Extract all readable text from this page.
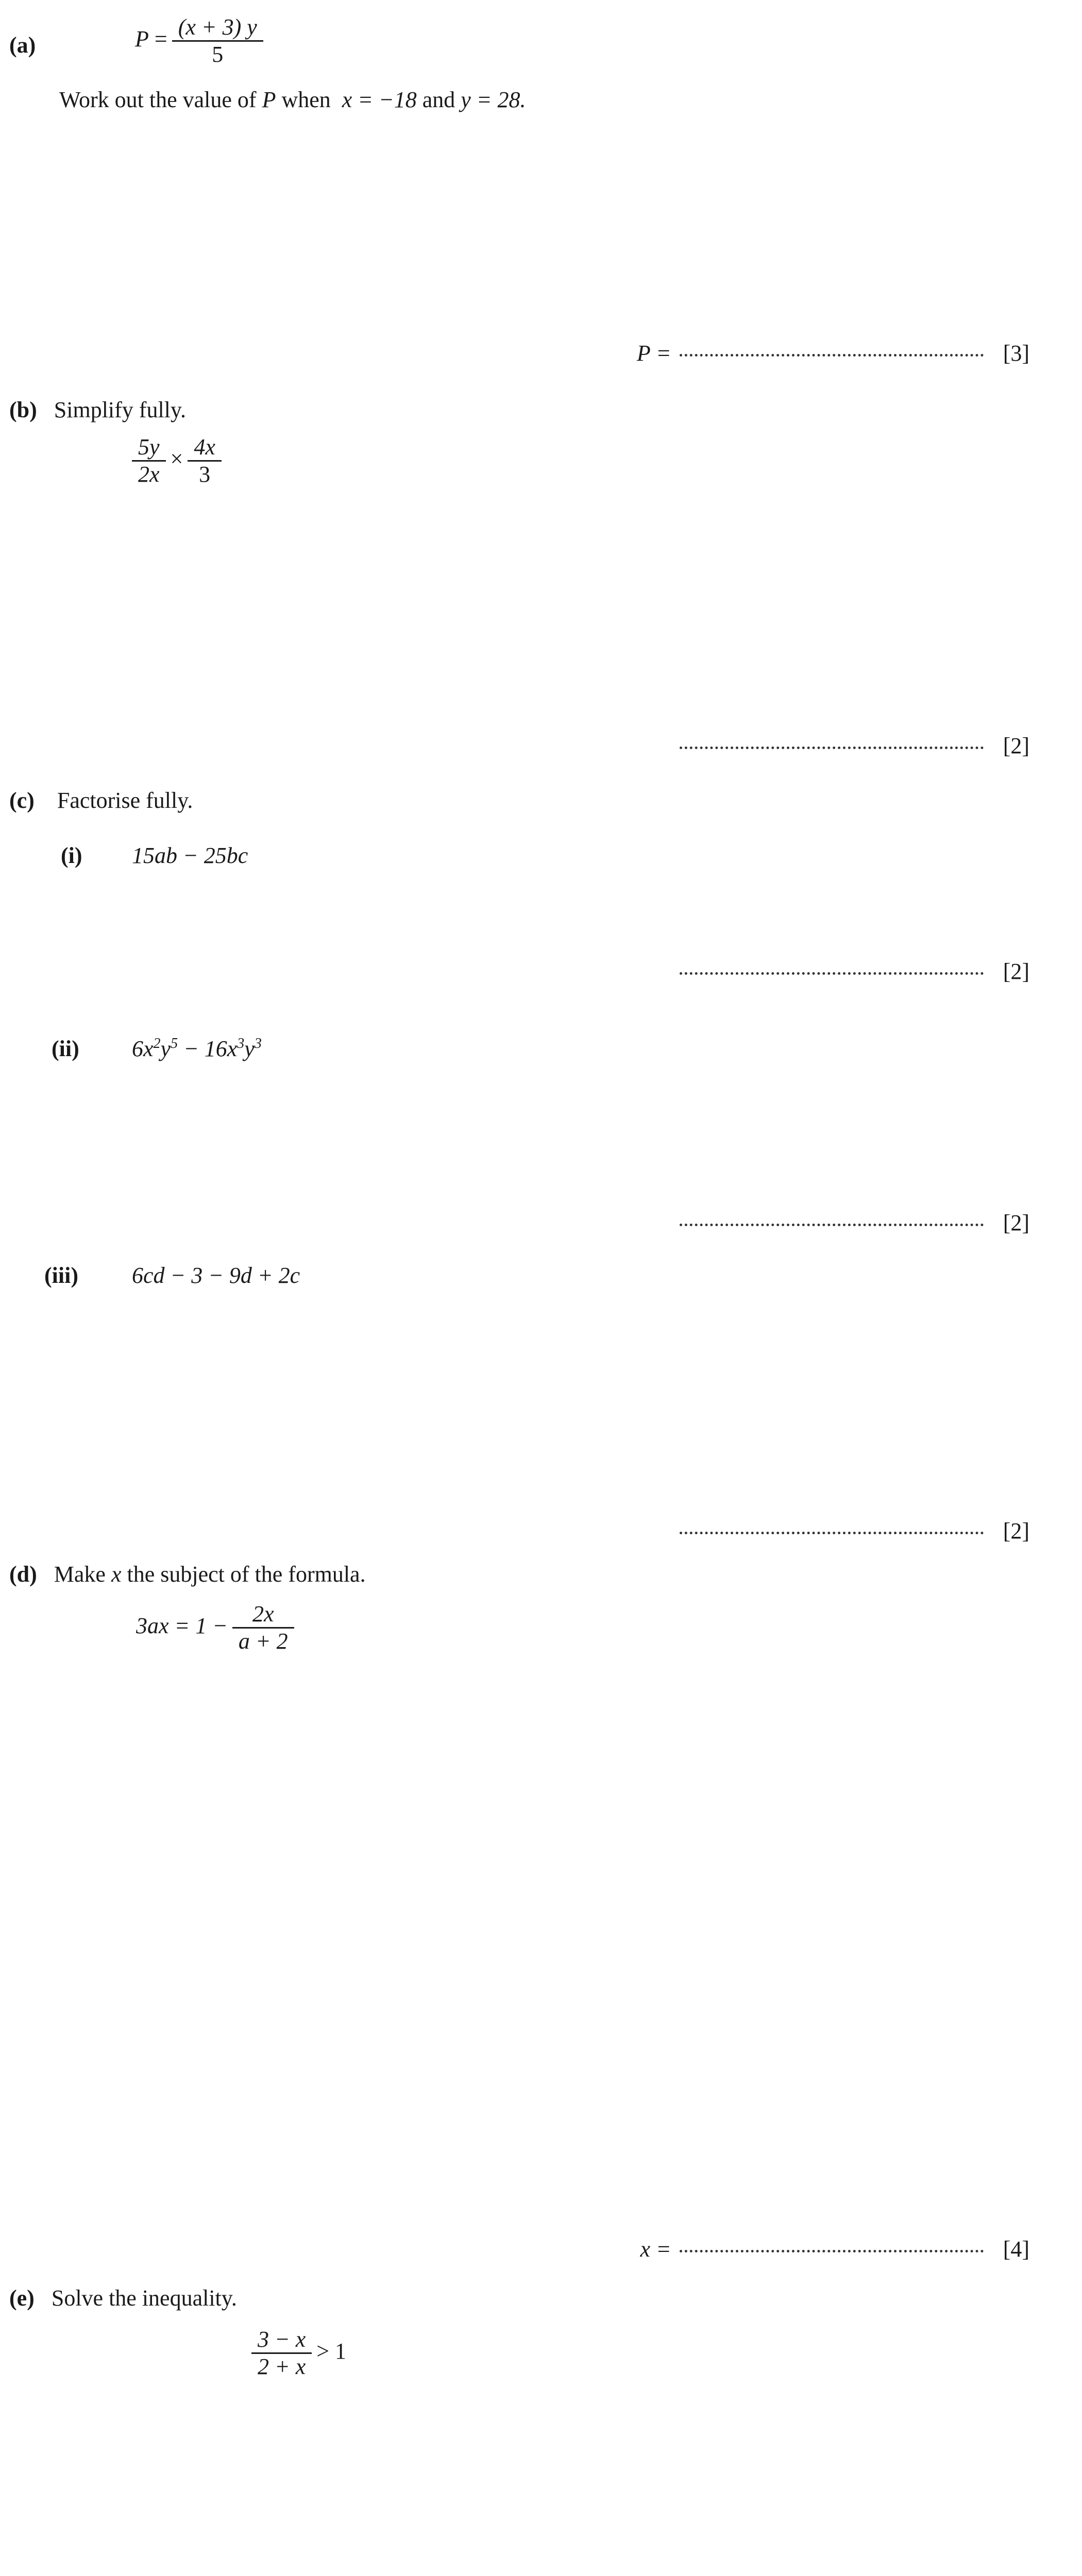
(a)	$P = \frac{(x + 3) y}{5}$
Work out the value of P when x = −18 and y = 28.
P =	[3]
(b) Simplify fully.
$\frac{5y}{2x} \times \frac{4x}{3}$
[2]
(c) Factorise fully.
(i) 15ab − 25bc
[2]
(ii) $6x^2y^5 - 16x^3y^3$
[2]
(iii) 6cd − 3 − 9d + 2c
[2]
(d) Make x the subject of the formula.
$3ax = 1 - \frac{2x}{a + 2}$
x =	[4]
(e) Solve the inequality.
$\frac{3 - x}{2 + x} > 1$
